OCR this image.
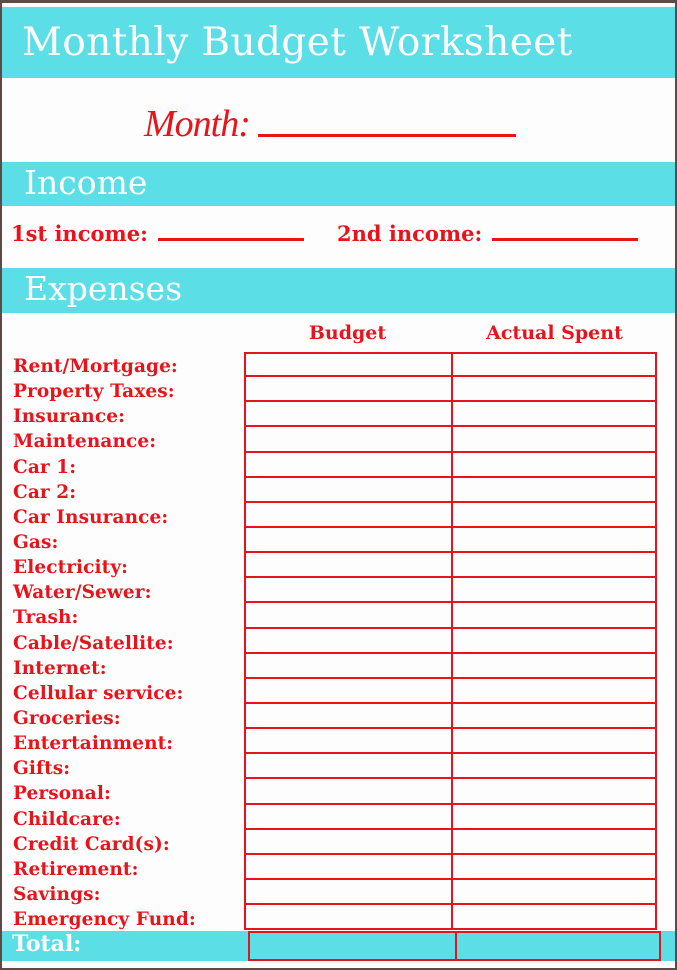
Monthly Budget Worksheet
Month:
Income
1st income:	2nd income:
Expenses
Budget	Actual Spent
Rent/Mortgage:
Property Taxes:
Insurance:
Maintenance:
Car 1:
Car 2:
Car Insurance:
Gas:
Electricity:
Water/Sewer:
Trash:
Cable/Satellite:
Internet:
Cellular service:
Groceries:
Entertainment:
Gifts:
Personal:
Childcare:
Credit Card(s):
Retirement:
Savings:
Emergency Fund:
Total:
